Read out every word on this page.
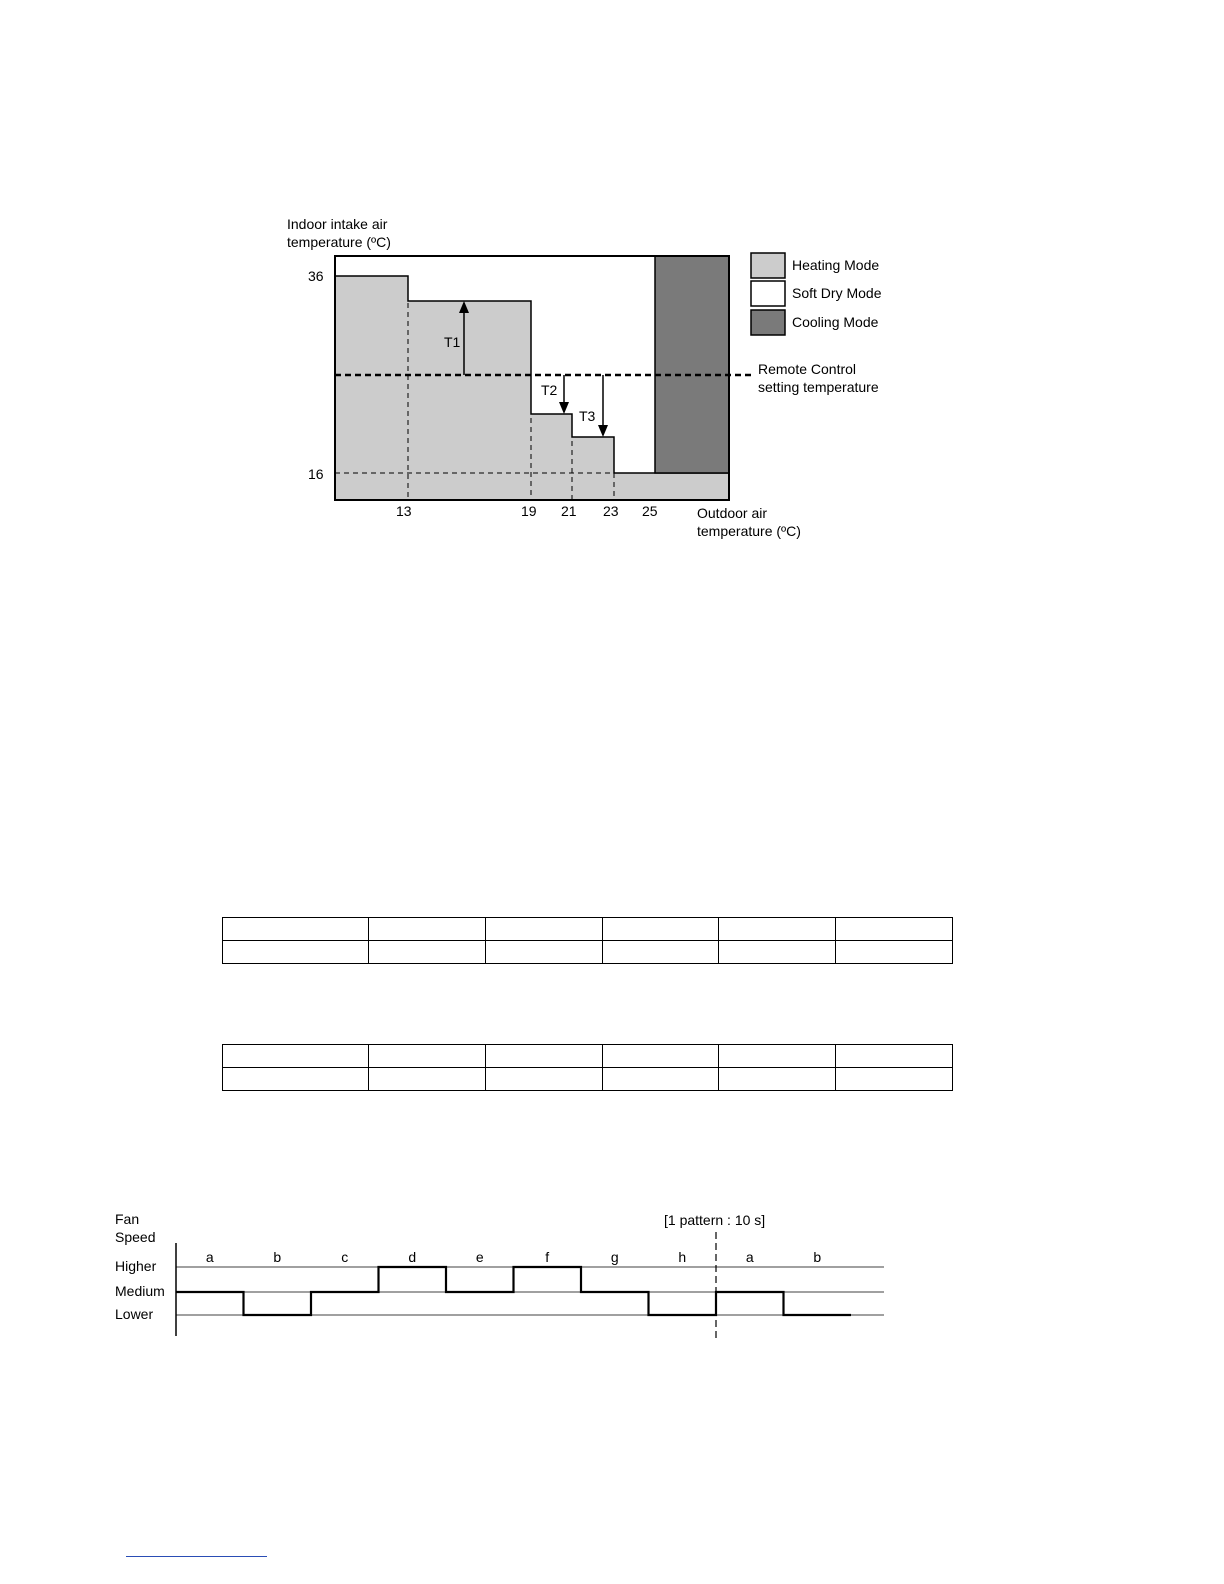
T1
T2
T3
Indoor intake air
temperature (ºC)
36
16
13	19 21 23 25	Outdoor air
temperature (ºC)
Remote Control
setting temperature
Heating Mode
Soft Dry Mode
Cooling Mode
Fan
Speed
[1 pattern : 10 s]
Higher
Medium
Lower
a	b	c	d	e	f	g	h	a	b
